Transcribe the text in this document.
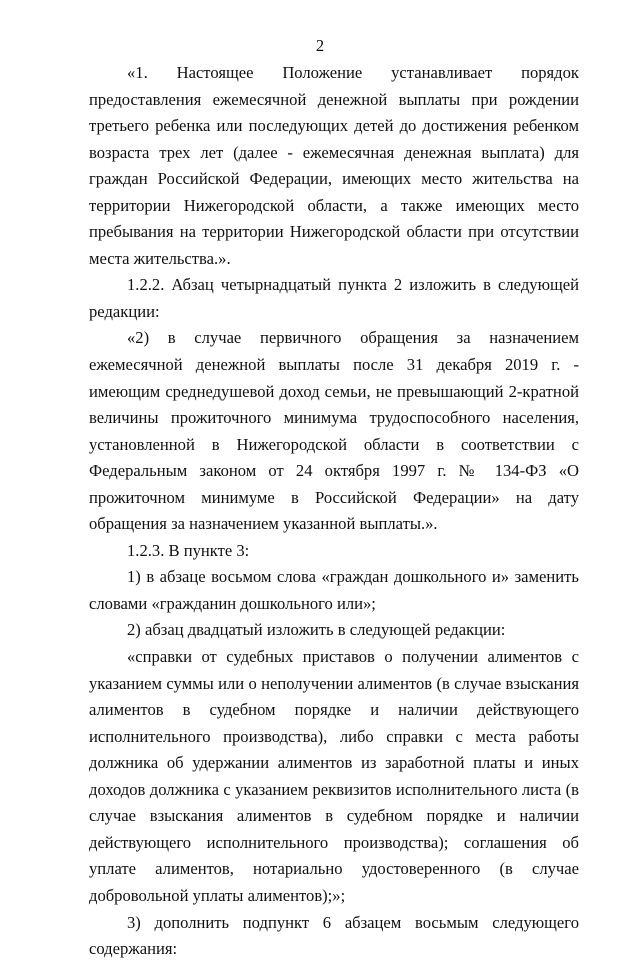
2

«1. Настоящее Положение устанавливает порядок предоставления ежемесячной денежной выплаты при рождении третьего ребенка или последующих детей до достижения ребенком возраста трех лет (далее - ежемесячная денежная выплата) для граждан Российской Федерации, имеющих место жительства на территории Нижегородской области, а также имеющих место пребывания на территории Нижегородской области при отсутствии места жительства.».

1.2.2. Абзац четырнадцатый пункта 2 изложить в следующей редакции:

«2) в случае первичного обращения за назначением ежемесячной денежной выплаты после 31 декабря 2019 г. - имеющим среднедушевой доход семьи, не превышающий 2-кратной величины прожиточного минимума трудоспособного населения, установленной в Нижегородской области в соответствии с Федеральным законом от 24 октября 1997 г. № 134-ФЗ «О прожиточном минимуме в Российской Федерации» на дату обращения за назначением указанной выплаты.».

1.2.3. В пункте 3:

1) в абзаце восьмом слова «граждан дошкольного и» заменить словами «гражданин дошкольного или»;

2) абзац двадцатый изложить в следующей редакции:

«справки от судебных приставов о получении алиментов с указанием суммы или о неполучении алиментов (в случае взыскания алиментов в судебном порядке и наличии действующего исполнительного производства), либо справки с места работы должника об удержании алиментов из заработной платы и иных доходов должника с указанием реквизитов исполнительного листа (в случае взыскания алиментов в судебном порядке и наличии действующего исполнительного производства); соглашения об уплате алиментов, нотариально удостоверенного (в случае добровольной уплаты алиментов);»;

3) дополнить подпункт 6 абзацем восьмым следующего содержания:
